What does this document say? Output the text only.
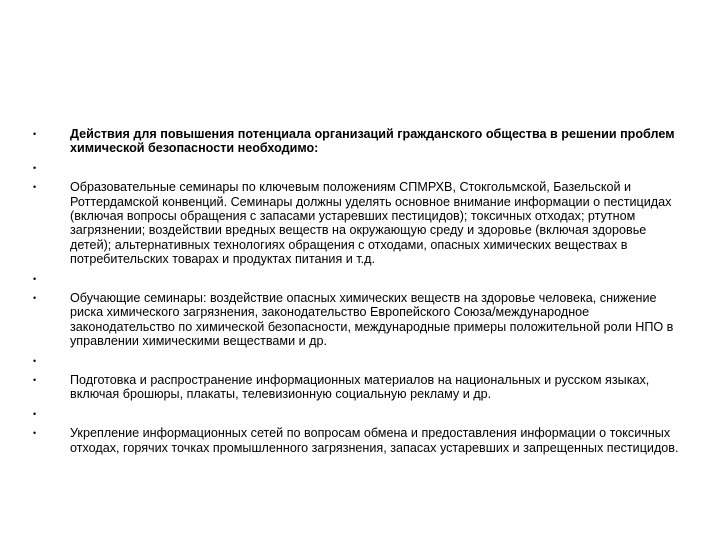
•	Действия для повышения потенциала организаций гражданского общества в решении проблем химической безопасности необходимо:
•
•	Образовательные семинары по ключевым положениям СПМРХВ, Стокгольмской, Базельской и Роттердамской конвенций. Семинары должны уделять основное внимание информации о пестицидах (включая вопросы обращения с запасами устаревших пестицидов); токсичных отходах; ртутном загрязнении; воздействии вредных веществ на окружающую среду и здоровье (включая здоровье детей); альтернативных технологиях обращения с отходами, опасных химических веществах в потребительских товарах и продуктах питания и т.д.
•
•	Обучающие семинары: воздействие опасных химических веществ на здоровье человека, снижение риска химического загрязнения, законодательство Европейского Союза/международное законодательство по химической безопасности, международные примеры положительной роли НПО в управлении химическими веществами и др.
•
•	Подготовка и распространение информационных материалов на национальных и русском языках, включая брошюры, плакаты, телевизионную социальную рекламу и др.
•
•	Укрепление информационных сетей по вопросам обмена и предоставления информации о токсичных отходах, горячих точках промышленного загрязнения, запасах устаревших и запрещенных пестицидов.
